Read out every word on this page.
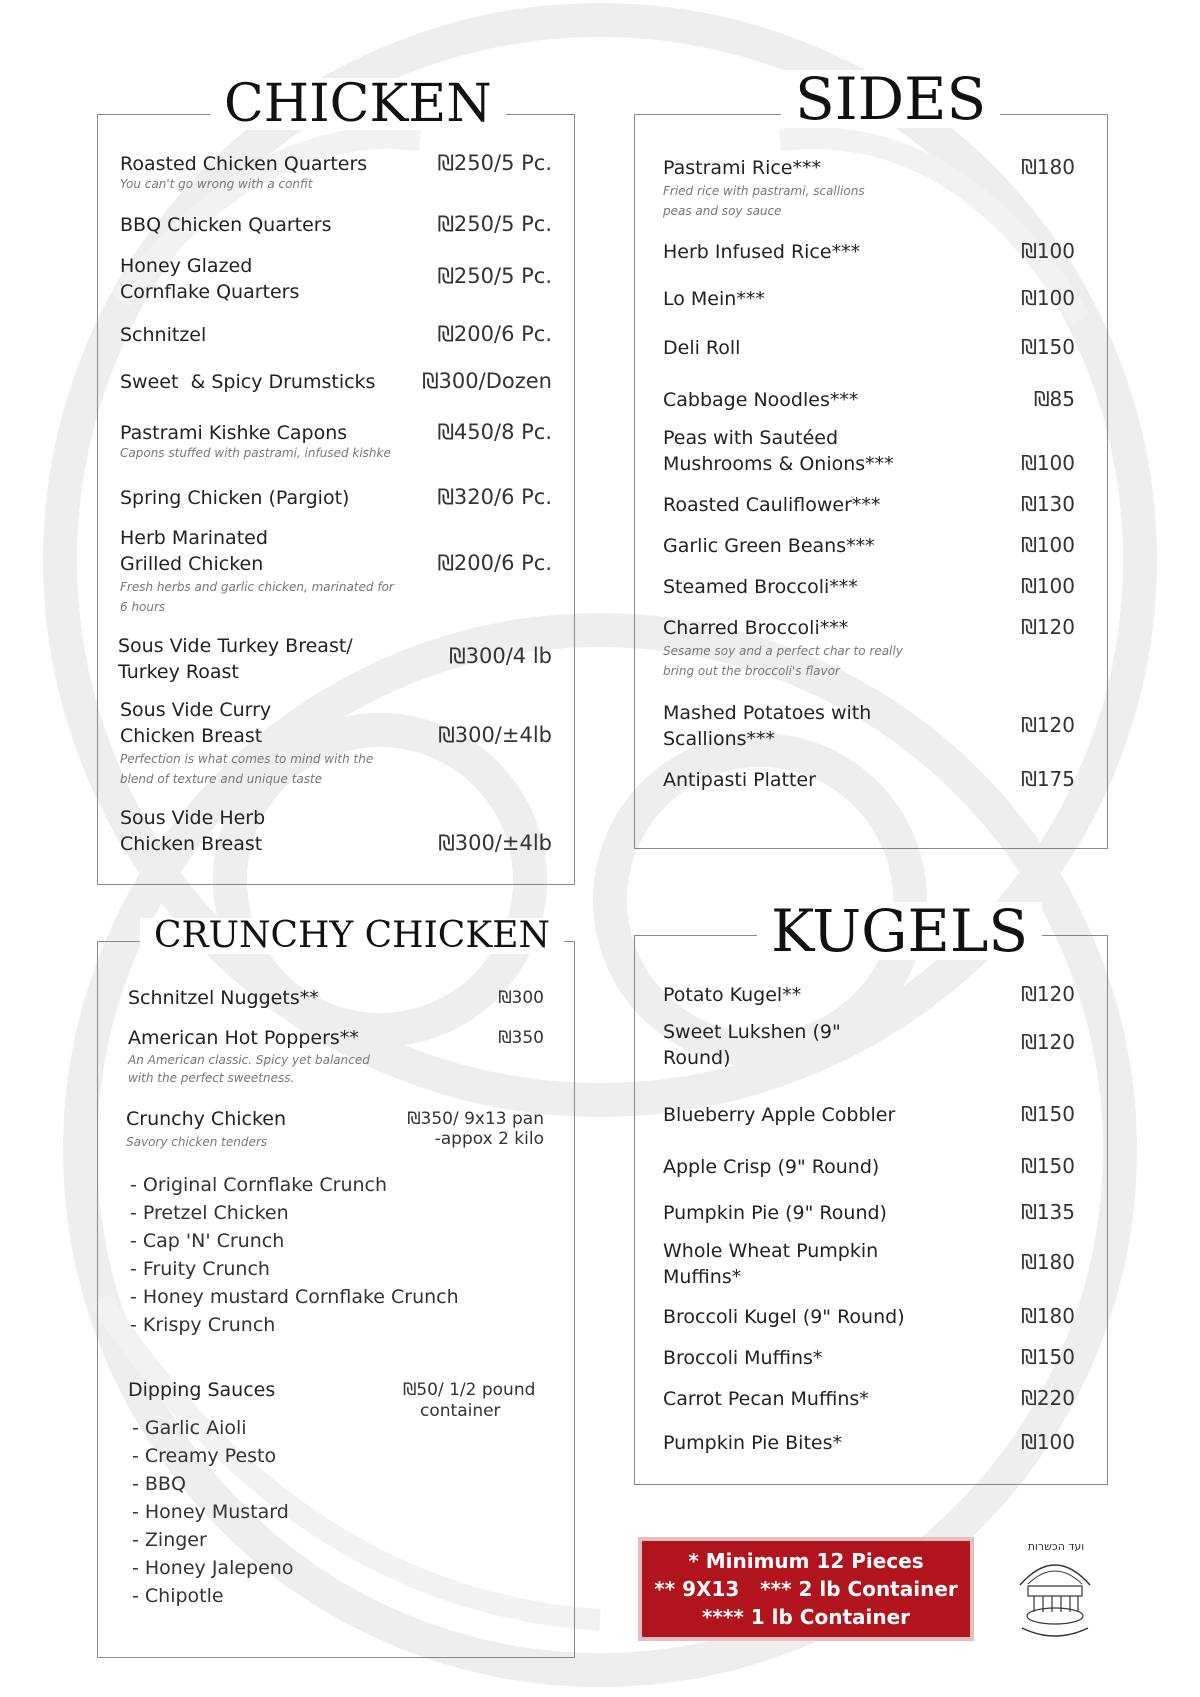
CHICKEN
Roasted Chicken Quarters
You can't go wrong with a confit
₪250/5 Pc.
BBQ Chicken Quarters	₪250/5 Pc.
Honey Glazed
Cornflake Quarters
₪250/5 Pc.
Schnitzel	₪200/6 Pc.
Sweet  & Spicy Drumsticks	₪300/Dozen
Pastrami Kishke Capons
Capons stuffed with pastrami, infused kishke
₪450/8 Pc.
Spring Chicken (Pargiot)	₪320/6 Pc.
Herb Marinated
Grilled Chicken
Fresh herbs and garlic chicken, marinated for
6 hours
₪200/6 Pc.
Sous Vide Turkey Breast/
Turkey Roast
₪300/4 lb
Sous Vide Curry
Chicken Breast
Perfection is what comes to mind with the
blend of texture and unique taste
₪300/±4lb
Sous Vide Herb
Chicken Breast	₪300/±4lb
CRUNCHY CHICKEN
Schnitzel Nuggets**	₪300
American Hot Poppers**
An American classic. Spicy yet balanced
with the perfect sweetness.
₪350
Crunchy Chicken
Savory chicken tenders
₪350/ 9x13 pan
-appox 2 kilo
- Original Cornflake Crunch
- Pretzel Chicken
- Cap 'N' Crunch
- Fruity Crunch
- Honey mustard Cornflake Crunch
- Krispy Crunch
Dipping Sauces	₪50/ 1/2 pound
container
- Garlic Aioli
- Creamy Pesto
- BBQ
- Honey Mustard
- Zinger
- Honey Jalepeno
- Chipotle
SIDES
Pastrami Rice***
Fried rice with pastrami, scallions
peas and soy sauce
₪180
Herb Infused Rice***	₪100
Lo Mein***	₪100
Deli Roll	₪150
Cabbage Noodles***	₪85
Peas with Sautéed
Mushrooms & Onions***	₪100
Roasted Cauliflower***	₪130
Garlic Green Beans***	₪100
Steamed Broccoli***	₪100
Charred Broccoli***
Sesame soy and a perfect char to really
bring out the broccoli's flavor
₪120
Mashed Potatoes with
Scallions***
₪120
Antipasti Platter	₪175
KUGELS
Potato Kugel**	₪120
Sweet Lukshen (9"
Round)
₪120
Blueberry Apple Cobbler	₪150
Apple Crisp (9" Round)	₪150
Pumpkin Pie (9" Round)	₪135
Whole Wheat Pumpkin
Muffins*
₪180
Broccoli Kugel (9" Round)	₪180
Broccoli Muffins*	₪150
Carrot Pecan Muffins*	₪220
Pumpkin Pie Bites*	₪100
* Minimum 12 Pieces
** 9X13   *** 2 lb Container
**** 1 lb Container
ועד הכשרות
